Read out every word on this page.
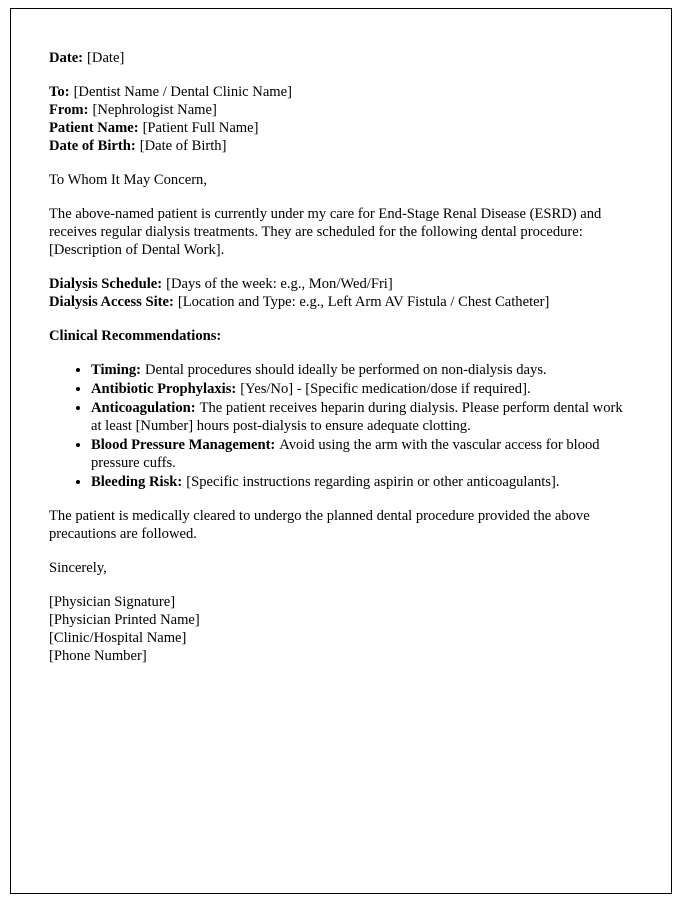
Date: [Date]
To: [Dentist Name / Dental Clinic Name]
From: [Nephrologist Name]
Patient Name: [Patient Full Name]
Date of Birth: [Date of Birth]

To Whom It May Concern,

The above-named patient is currently under my care for End-Stage Renal Disease (ESRD) and receives regular dialysis treatments. They are scheduled for the following dental procedure: [Description of Dental Work].

Dialysis Schedule: [Days of the week: e.g., Mon/Wed/Fri]
Dialysis Access Site: [Location and Type: e.g., Left Arm AV Fistula / Chest Catheter]

Clinical Recommendations:

• Timing: Dental procedures should ideally be performed on non-dialysis days.
• Antibiotic Prophylaxis: [Yes/No] - [Specific medication/dose if required].
• Anticoagulation: The patient receives heparin during dialysis. Please perform dental work at least [Number] hours post-dialysis to ensure adequate clotting.
• Blood Pressure Management: Avoid using the arm with the vascular access for blood pressure cuffs.
• Bleeding Risk: [Specific instructions regarding aspirin or other anticoagulants].

The patient is medically cleared to undergo the planned dental procedure provided the above precautions are followed.

Sincerely,

[Physician Signature]
[Physician Printed Name]
[Clinic/Hospital Name]
[Phone Number]
